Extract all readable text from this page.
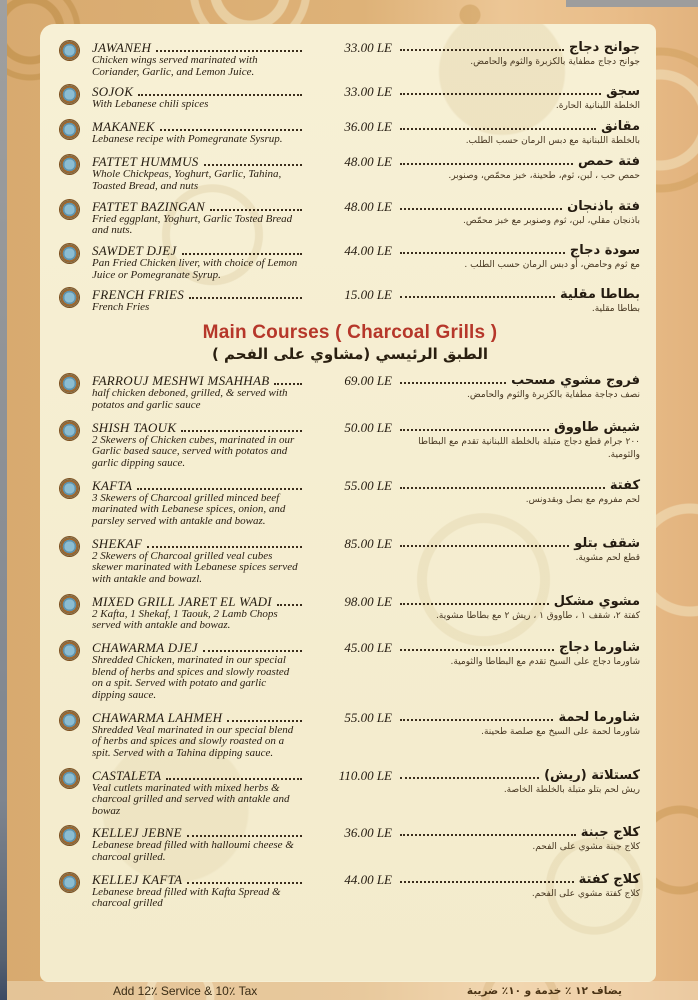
JAWANEH
Chicken wings served marinated with Coriander, Garlic, and Lemon Juice.
33.00 LE	جوانح دجاج
جوانح دجاج مطفاية بالكزبرة والثوم والحامض.
SOJOK
With Lebanese chili spices
33.00 LE	سجق
الخلطة اللبنانية الحارة.
MAKANEK
Lebanese recipe with Pomegranate Sysrup.
36.00 LE	مقانق
بالخلطة اللبنانية مع دبس الرمان حسب الطلب.
FATTET HUMMUS
Whole Chickpeas, Yoghurt, Garlic, Tahina, Toasted Bread, and nuts
48.00 LE	فتة حمص
حمص حب ، لبن، ثوم، طحينة، خبز محمّص، وصنوبر.
FATTET BAZINGAN
Fried eggplant, Yoghurt, Garlic Tosted Bread and nuts.
48.00 LE	فتة باذنجان
باذنجان مقلي، لبن، ثوم وصنوبر مع خبز محمّص.
SAWDET DJEJ
Pan Fried Chicken liver, with choice of Lemon Juice or Pomegranate Syrup.
44.00 LE	سودة دجاج
مع ثوم وحامض، أو دبس الرمان حسب الطلب .
FRENCH FRIES
French Fries
15.00 LE	بطاطا مقلية
بطاطا مقلية.
Main Courses ( Charcoal Grills )
الطبق الرئيسي (مشاوي على الفحم )
FARROUJ MESHWI MSAHHAB
half chicken deboned, grilled, & served with potatos and garlic sauce
69.00 LE	فروج مشوي مسحب
نصف دجاجة مطفاية بالكزبرة والثوم والحامض.
SHISH TAOUK
2 Skewers of Chicken cubes, marinated in our Garlic based sauce, served with potatos and garlic dipping sauce.
50.00 LE	شيش طاووق
٢٠٠ جرام قطع دجاج متبلة بالخلطة اللبنانية تقدم مع البطاطا والثومية.
KAFTA
3 Skewers of Charcoal grilled minced beef marinated with Lebanese spices, onion, and parsley served with antakle and bowaz.
55.00 LE	كفتة
لحم مفروم مع بصل وبقدونس.
SHEKAF
2 Skewers of Charcoal grilled veal cubes skewer marinated with Lebanese spices served with antakle and bowazl.
85.00 LE	شقف بتلو
قطع لحم مشوية.
MIXED GRILL JARET EL WADI
2 Kafta, 1 Shekaf, 1 Taouk, 2 Lamb Chops served with antakle and bowaz.
98.00 LE	مشوي مشكل
كفتة ٢، شقف ١ ، طاووق ١ ، ريش ٢ مع بطاطا مشوية.
CHAWARMA DJEJ
Shredded Chicken, marinated in our special blend of herbs and spices and slowly roasted on a spit. Served with potato and garlic dipping sauce.
45.00 LE	شاورما دجاج
شاورما دجاج على السيخ تقدم مع البطاطا والثومية.
CHAWARMA LAHMEH
Shredded Veal marinated in our special blend of herbs and spices and slowly roasted on a spit. Served with a Tahina dipping sauce.
55.00 LE	شاورما لحمة
شاورما لحمة على السيخ مع صلصة طحينة.
CASTALETA
Veal cutlets marinated with mixed herbs & charcoal grilled and served with antakle and bowaz
110.00 LE	كستلاتة (ريش)
ريش لحم بتلو متبلة بالخلطة الخاصة.
KELLEJ JEBNE
Lebanese bread filled with halloumi cheese & charcoal grilled.
36.00 LE	كلاج جبنة
كلاج جبنة مشوي على الفحم.
KELLEJ KAFTA
Lebanese bread filled with Kafta Spread & charcoal grilled
44.00 LE	كلاج كفتة
كلاج كفتة مشوي على الفحم.
Add 12٪ Service & 10٪ Tax	يضاف ١٢ ٪ خدمة و ١٠٪ ضريبة
